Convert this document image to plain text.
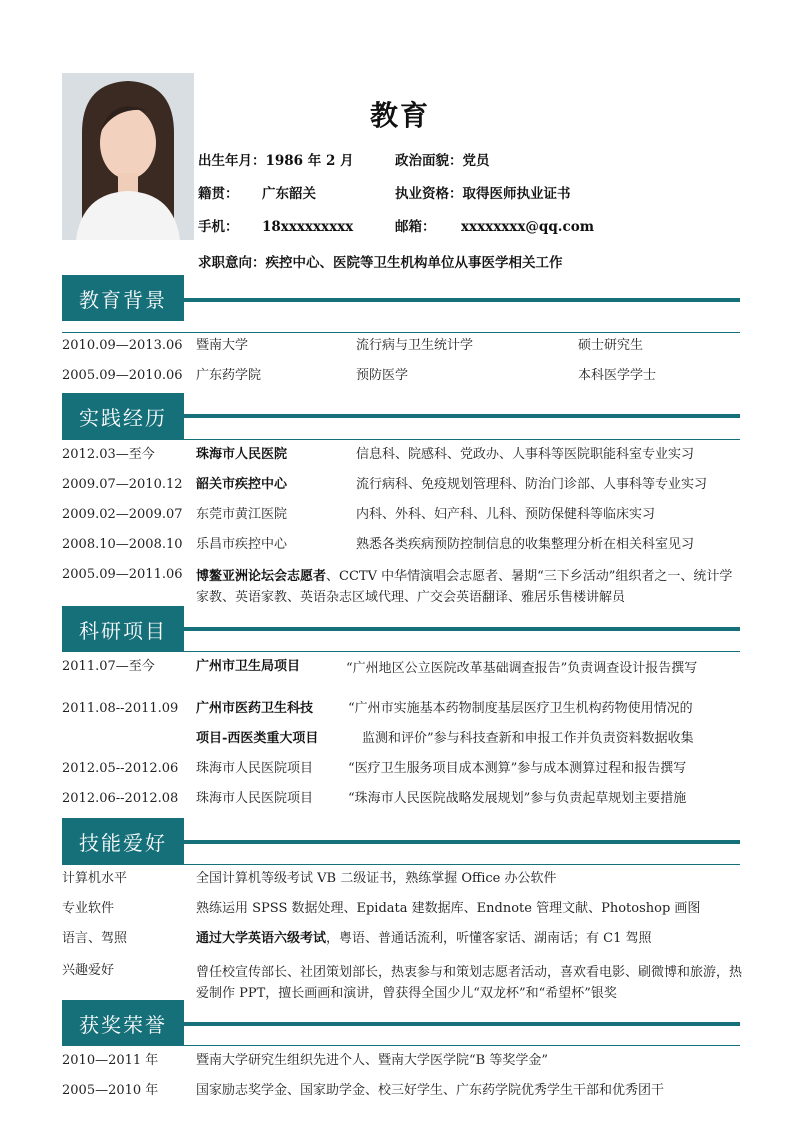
教育
出生年月：1986 年 2 月	政治面貌：党员
籍贯： 广东韶关	执业资格：取得医师执业证书
手机： 18xxxxxxxxx	邮箱： xxxxxxxx@qq.com
求职意向：疾控中心、医院等卫生机构单位从事医学相关工作
教育背景
2010.09—2013.06 暨南大学	流行病与卫生统计学	硕士研究生
2005.09—2010.06 广东药学院	预防医学	本科医学学士
实践经历
2012.03—至今	珠海市人民医院	信息科、院感科、党政办、人事科等医院职能科室专业实习
2009.07—2010.12 韶关市疾控中心	流行病科、免疫规划管理科、防治门诊部、人事科等专业实习
2009.02—2009.07 东莞市黄江医院	内科、外科、妇产科、儿科、预防保健科等临床实习
2008.10—2008.10 乐昌市疾控中心	熟悉各类疾病预防控制信息的收集整理分析在相关科室见习
2005.09—2011.06 博鳌亚洲论坛会志愿者、CCTV 中华情演唱会志愿者、暑期“三下乡活动”组织者之一、统计学家教、英语家教、英语杂志区域代理、广交会英语翻译、雅居乐售楼讲解员
科研项目
2011.07—至今	广州市卫生局项目	“广州地区公立医院改革基础调查报告”负责调查设计报告撰写
2011.08--2011.09 广州市医药卫生科技	“广州市实施基本药物制度基层医疗卫生机构药物使用情况的
项目-西医类重大项目	监测和评价”参与科技查新和申报工作并负责资料数据收集
2012.05--2012.06 珠海市人民医院项目	“医疗卫生服务项目成本测算”参与成本测算过程和报告撰写
2012.06--2012.08 珠海市人民医院项目	“珠海市人民医院战略发展规划”参与负责起草规划主要措施
技能爱好
计算机水平	全国计算机等级考试 VB 二级证书，熟练掌握 Office 办公软件
专业软件	熟练运用 SPSS 数据处理、Epidata 建数据库、Endnote 管理文献、Photoshop 画图
语言、驾照	通过大学英语六级考试，粤语、普通话流利，听懂客家话、湖南话；有 C1 驾照
兴趣爱好	曾任校宣传部长、社团策划部长，热衷参与和策划志愿者活动，喜欢看电影、刷微博和旅游，热爱制作 PPT，擅长画画和演讲，曾获得全国少儿“双龙杯”和“希望杯”银奖
获奖荣誉
2010—2011 年	暨南大学研究生组织先进个人、暨南大学医学院“B 等奖学金”
2005—2010 年	国家励志奖学金、国家助学金、校三好学生、广东药学院优秀学生干部和优秀团干
